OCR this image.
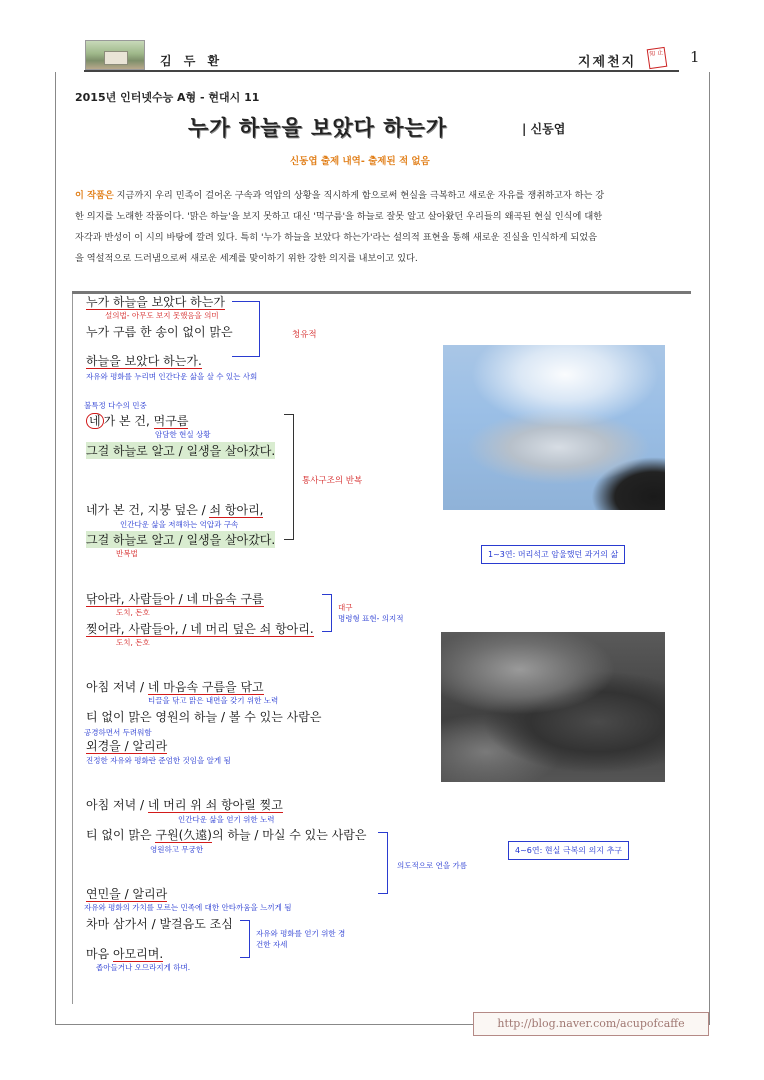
김 두 환	지제천지
知 止 1
2015년 인터넷수능 A형 - 현대시 11
누가 하늘을 보았다 하는가	| 신동엽
신동엽 출제 내역- 출제된 적 없음
이 작품은 지금까지 우리 민족이 걸어온 구속과 억압의 상황을 직시하게 함으로써 현실을 극복하고 새로운 자유를 쟁취하고자 하는 강
한 의지를 노래한 작품이다. '맑은 하늘'을 보지 못하고 대신 '먹구름'을 하늘로 잘못 알고 살아왔던 우리들의 왜곡된 현실 인식에 대한
자각과 반성이 이 시의 바탕에 깔려 있다. 특히 '누가 하늘을 보았다 하는가'라는 설의적 표현을 통해 새로운 진실을 인식하게 되었음
을 역설적으로 드러냄으로써 새로운 세계를 맞이하기 위한 강한 의지를 내보이고 있다.
누가 하늘을 보았다 하는가
설의법- 아무도 보지 못했음을 의미
누가 구름 한 송이 없이 맑은	청유적
하늘을 보았다 하는가.
자유와 평화를 누리며 인간다운 삶을 살 수 있는 사회
불특정 다수의 민중
네 가 본 건, 먹구름
암담한 현실 상황
그걸 하늘로 알고 / 일생을 살아갔다.
통사구조의 반복
네가 본 건, 지붕 덮은 / 쇠 항아리,
인간다운 삶을 저해하는 억압과 구속
그걸 하늘로 알고 / 일생을 살아갔다.
반복법	1~3연: 머리석고 암울했던 과거의 삶
닦아라, 사람들아 / 네 마음속 구름
도치, 돈호
대구
명령형 표현- 의지적
찢어라, 사람들아, / 네 머리 덮은 쇠 항아리.
도치, 돈호
아침 저녁 / 네 마음속 구름을 닦고
티끌을 닦고 맑은 내면을 갖기 위한 노력
티 없이 맑은 영원의 하늘 / 볼 수 있는 사람은
공경하면서 두려워함
외경을 / 알리라
진정한 자유와 평화란 준엄한 것임을 알게 됨
아침 저녁 / 네 머리 위 쇠 항아릴 찢고
인간다운 삶을 얻기 위한 노력
티 없이 맑은 구원(久遠)의 하늘 / 마실 수 있는 사람은
영원하고 무궁한
의도적으로 연을 가름
4~6연: 현실 극복의 의지 추구
연민을 / 알리라
자유와 평화의 가치를 모르는 민족에 대한 안타까움을 느끼게 됨
차마 삼가서 / 발걸음도 조심
자유와 평화를 얻기 위한 경
건한 자세
마음 아모리며.
좁아들거나 오므라지게 하며.
http://blog.naver.com/acupofcaffe
